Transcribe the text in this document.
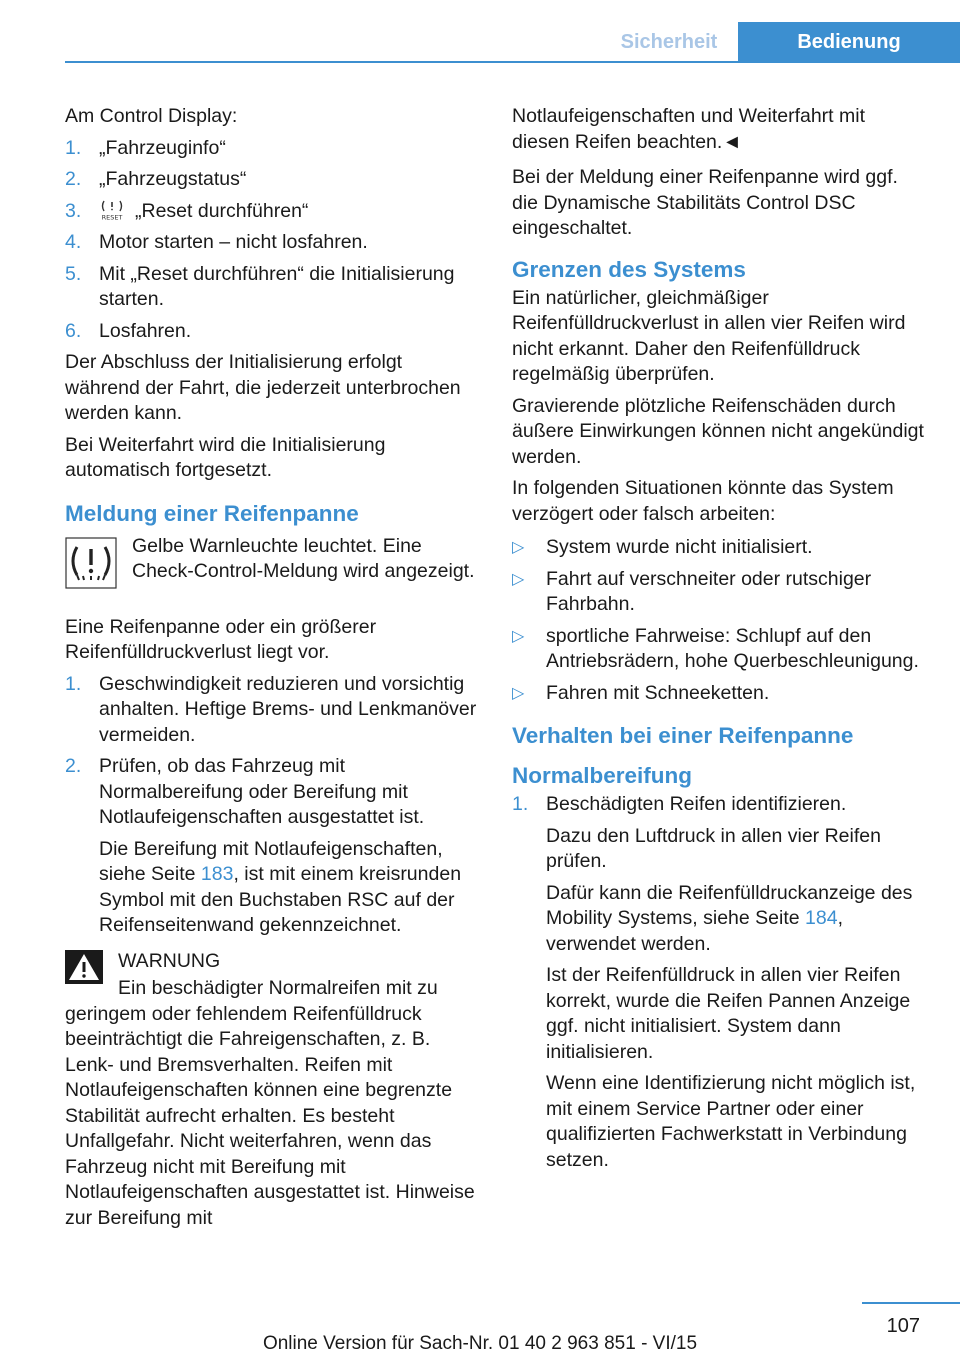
Sicherheit	Bedienung

Am Control Display:

1. „Fahrzeuginfo“
2. „Fahrzeugstatus“
3.	RESET „Reset durchführen“
4. Motor starten – nicht losfahren.
5. Mit „Reset durchführen“ die Initialisierung starten.
6. Losfahren.

Der Abschluss der Initialisierung erfolgt während der Fahrt, die jederzeit unterbrochen werden kann.

Bei Weiterfahrt wird die Initialisierung automatisch fortgesetzt.

Meldung einer Reifenpanne
Gelbe Warnleuchte leuchtet. Eine Check-Control-Meldung wird angezeigt.

Eine Reifenpanne oder ein größerer Reifenfülldruckverlust liegt vor.

1. Geschwindigkeit reduzieren und vorsichtig anhalten. Heftige Brems- und Lenkmanöver vermeiden.
2. Prüfen, ob das Fahrzeug mit Normalbereifung oder Bereifung mit Notlaufeigenschaften ausgestattet ist.
Die Bereifung mit Notlaufeigenschaften, siehe Seite 183, ist mit einem kreisrunden Symbol mit den Buchstaben RSC auf der Reifenseitenwand gekennzeichnet.
WARNUNG
Ein beschädigter Normalreifen mit zu geringem oder fehlendem Reifenfülldruck beeinträchtigt die Fahreigenschaften, z. B. Lenk- und Bremsverhalten. Reifen mit Notlaufeigenschaften können eine begrenzte Stabilität aufrecht erhalten. Es besteht Unfallgefahr. Nicht weiterfahren, wenn das Fahrzeug nicht mit Bereifung mit Notlaufeigenschaften ausgestattet ist. Hinweise zur Bereifung mit

Notlaufeigenschaften und Weiterfahrt mit diesen Reifen beachten.◄

Bei der Meldung einer Reifenpanne wird ggf. die Dynamische Stabilitäts Control DSC eingeschaltet.

Grenzen des Systems

Ein natürlicher, gleichmäßiger Reifenfülldruckverlust in allen vier Reifen wird nicht erkannt. Daher den Reifenfülldruck regelmäßig überprüfen.

Gravierende plötzliche Reifenschäden durch äußere Einwirkungen können nicht angekündigt werden.

In folgenden Situationen könnte das System verzögert oder falsch arbeiten:

▷ System wurde nicht initialisiert.
▷ Fahrt auf verschneiter oder rutschiger Fahrbahn.
▷ sportliche Fahrweise: Schlupf auf den Antriebsrädern, hohe Querbeschleunigung.
▷ Fahren mit Schneeketten.
Verhalten bei einer Reifenpanne
Normalbereifung
1. Beschädigten Reifen identifizieren.
Dazu den Luftdruck in allen vier Reifen prüfen.
Dafür kann die Reifenfülldruckanzeige des Mobility Systems, siehe Seite 184, verwendet werden.
Ist der Reifenfülldruck in allen vier Reifen korrekt, wurde die Reifen Pannen Anzeige ggf. nicht initialisiert. System dann initialisieren.
Wenn eine Identifizierung nicht möglich ist, mit einem Service Partner oder einer qualifizierten Fachwerkstatt in Verbindung setzen.
107
Online Version für Sach-Nr. 01 40 2 963 851 - VI/15
